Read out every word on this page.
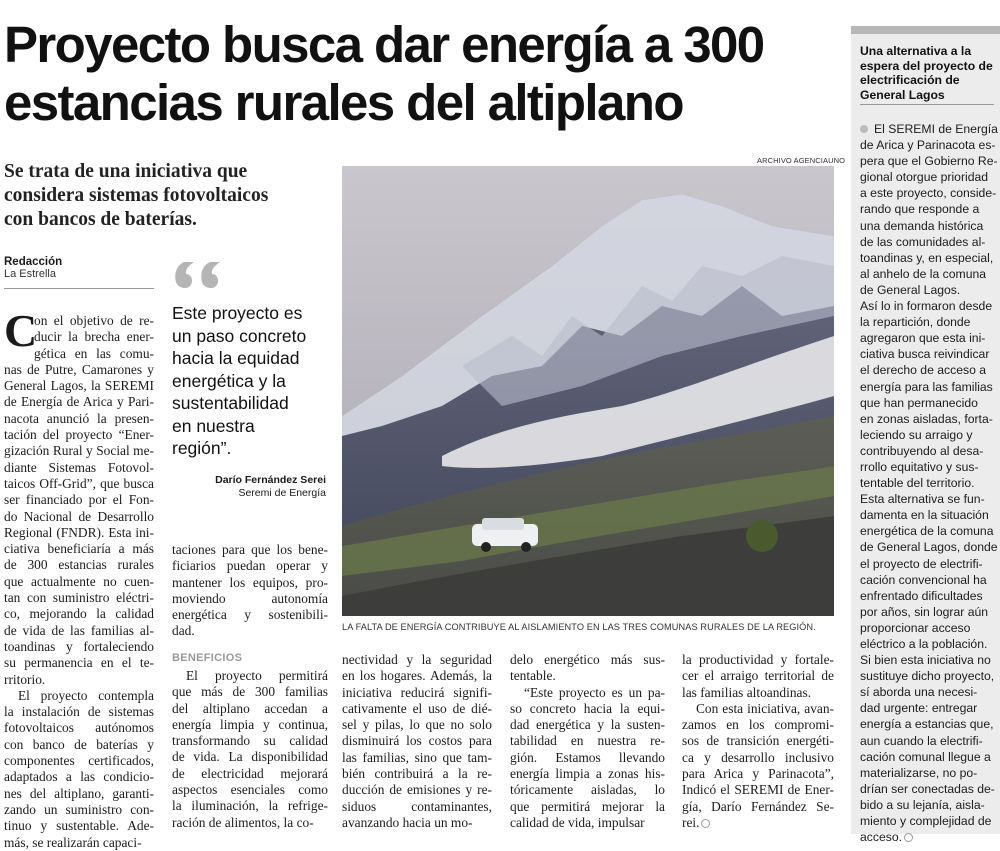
Proyecto busca dar energía a 300
estancias rurales del altiplano
Se trata de una iniciativa que
considera sistemas fotovoltaicos
con bancos de baterías.
Redacción
La Estrella
C
on el objetivo de re-
ducir la brecha ener-
gética en las comu-
nas de Putre, Camarones y
General Lagos, la SEREMI
de Energía de Arica y Pari-
nacota anunció la presen-
tación del proyecto “Ener-
gización Rural y Social me-
diante Sistemas Fotovol-
taicos Off-Grid”, que busca
ser financiado por el Fon-
do Nacional de Desarrollo
Regional (FNDR). Esta ini-
ciativa beneficiaría a más
de 300 estancias rurales
que actualmente no cuen-
tan con suministro eléctri-
co, mejorando la calidad
de vida de las familias al-
toandinas y fortaleciendo
su permanencia en el te-
rritorio.
El proyecto contempla
la instalación de sistemas
fotovoltaicos autónomos
con banco de baterías y
componentes certificados,
adaptados a las condicio-
nes del altiplano, garanti-
zando un suministro con-
tinuo y sustentable. Ade-
más, se realizarán capaci-
Este proyecto es
un paso concreto
hacia la equidad
energética y la
sustentabilidad
en nuestra
región”.
Darío Fernández Serei
Seremi de Energía
taciones para que los bene-
ficiarios puedan operar y
mantener los equipos, pro-
moviendo autonomía
energética y sostenibili-
dad.
BENEFICIOS
El proyecto permitirá
que más de 300 familias
del altiplano accedan a
energía limpia y continua,
transformando su calidad
de vida. La disponibilidad
de electricidad mejorará
aspectos esenciales como
la iluminación, la refrige-
ración de alimentos, la co-
ARCHIVO AGENCIAUNO
LA FALTA DE ENERGÍA CONTRIBUYE AL AISLAMIENTO EN LAS TRES COMUNAS RURALES DE LA REGIÓN.
nectividad y la seguridad
en los hogares. Además, la
iniciativa reducirá signifi-
cativamente el uso de dié-
sel y pilas, lo que no solo
disminuirá los costos para
las familias, sino que tam-
bién contribuirá a la re-
ducción de emisiones y re-
siduos contaminantes,
avanzando hacia un mo-
delo energético más sus-
tentable.
“Este proyecto es un pa-
so concreto hacia la equi-
dad energética y la susten-
tabilidad en nuestra re-
gión. Estamos llevando
energía limpia a zonas his-
tóricamente aisladas, lo
que permitirá mejorar la
calidad de vida, impulsar
la productividad y fortale-
cer el arraigo territorial de
las familias altoandinas.
Con esta iniciativa, avan-
zamos en los compromi-
sos de transición energéti-
ca y desarrollo inclusivo
para Arica y Parinacota”,
Indicó el SEREMI de Ener-
gía, Darío Fernández Se-
rei.
Una alternativa a la
espera del proyecto de
electrificación de
General Lagos
El SEREMI de Energía
de Arica y Parinacota es-
pera que el Gobierno Re-
gional otorgue prioridad
a este proyecto, conside-
rando que responde a
una demanda histórica
de las comunidades al-
toandinas y, en especial,
al anhelo de la comuna
de General Lagos.
Así lo in formaron desde
la repartición, donde
agregaron que esta ini-
ciativa busca reivindicar
el derecho de acceso a
energía para las familias
que han permanecido
en zonas aisladas, forta-
leciendo su arraigo y
contribuyendo al desa-
rrollo equitativo y sus-
tentable del territorio.
Esta alternativa se fun-
damenta en la situación
energética de la comuna
de General Lagos, donde
el proyecto de electrifi-
cación convencional ha
enfrentado dificultades
por años, sin lograr aún
proporcionar acceso
eléctrico a la población.
Si bien esta iniciativa no
sustituye dicho proyecto,
sí aborda una necesi-
dad urgente: entregar
energía a estancias que,
aun cuando la electrifi-
cación comunal llegue a
materializarse, no po-
drían ser conectadas de-
bido a su lejanía, aisla-
miento y complejidad de
acceso.
